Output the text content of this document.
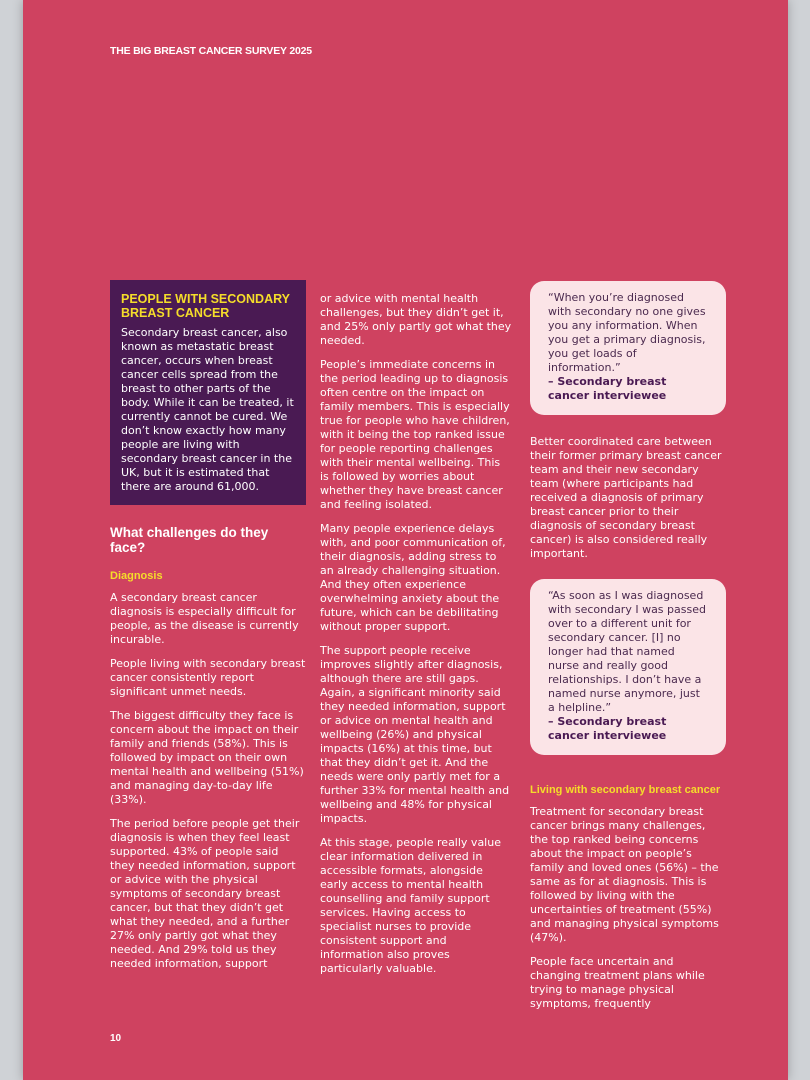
THE BIG BREAST CANCER SURVEY 2025
PEOPLE WITH SECONDARY BREAST CANCER

Secondary breast cancer, also known as metastatic breast cancer, occurs when breast cancer cells spread from the breast to other parts of the body. While it can be treated, it currently cannot be cured. We don’t know exactly how many people are living with secondary breast cancer in the UK, but it is estimated that there are around 61,000.

What challenges do they face?
Diagnosis

A secondary breast cancer diagnosis is especially difficult for people, as the disease is currently incurable.

People living with secondary breast cancer consistently report significant unmet needs.

The biggest difficulty they face is concern about the impact on their family and friends (58%). This is followed by impact on their own mental health and wellbeing (51%) and managing day-to-day life (33%).

The period before people get their diagnosis is when they feel least supported. 43% of people said they needed information, support or advice with the physical symptoms of secondary breast cancer, but that they didn’t get what they needed, and a further 27% only partly got what they needed. And 29% told us they needed information, support

or advice with mental health challenges, but they didn’t get it, and 25% only partly got what they needed.

People’s immediate concerns in the period leading up to diagnosis often centre on the impact on family members. This is especially true for people who have children, with it being the top ranked issue for people reporting challenges with their mental wellbeing. This is followed by worries about whether they have breast cancer and feeling isolated.

Many people experience delays with, and poor communication of, their diagnosis, adding stress to an already challenging situation. And they often experience overwhelming anxiety about the future, which can be debilitating without proper support.

The support people receive improves slightly after diagnosis, although there are still gaps. Again, a significant minority said they needed information, support or advice on mental health and wellbeing (26%) and physical impacts (16%) at this time, but that they didn’t get it. And the needs were only partly met for a further 33% for mental health and wellbeing and 48% for physical impacts.

At this stage, people really value clear information delivered in accessible formats, alongside early access to mental health counselling and family support services. Having access to specialist nurses to provide consistent support and information also proves particularly valuable.

“When you’re diagnosed with secondary no one gives you any information. When you get a primary diagnosis, you get loads of information.”

– Secondary breast cancer interviewee

Better coordinated care between their former primary breast cancer team and their new secondary team (where participants had received a diagnosis of primary breast cancer prior to their diagnosis of secondary breast cancer) is also considered really important.

“As soon as I was diagnosed with secondary I was passed over to a different unit for secondary cancer. [I] no longer had that named nurse and really good relationships. I don’t have a named nurse anymore, just a helpline.”

– Secondary breast cancer interviewee

Living with secondary breast cancer

Treatment for secondary breast cancer brings many challenges, the top ranked being concerns about the impact on people’s family and loved ones (56%) – the same as for at diagnosis. This is followed by living with the uncertainties of treatment (55%) and managing physical symptoms (47%).

People face uncertain and changing treatment plans while trying to manage physical symptoms, frequently

10
